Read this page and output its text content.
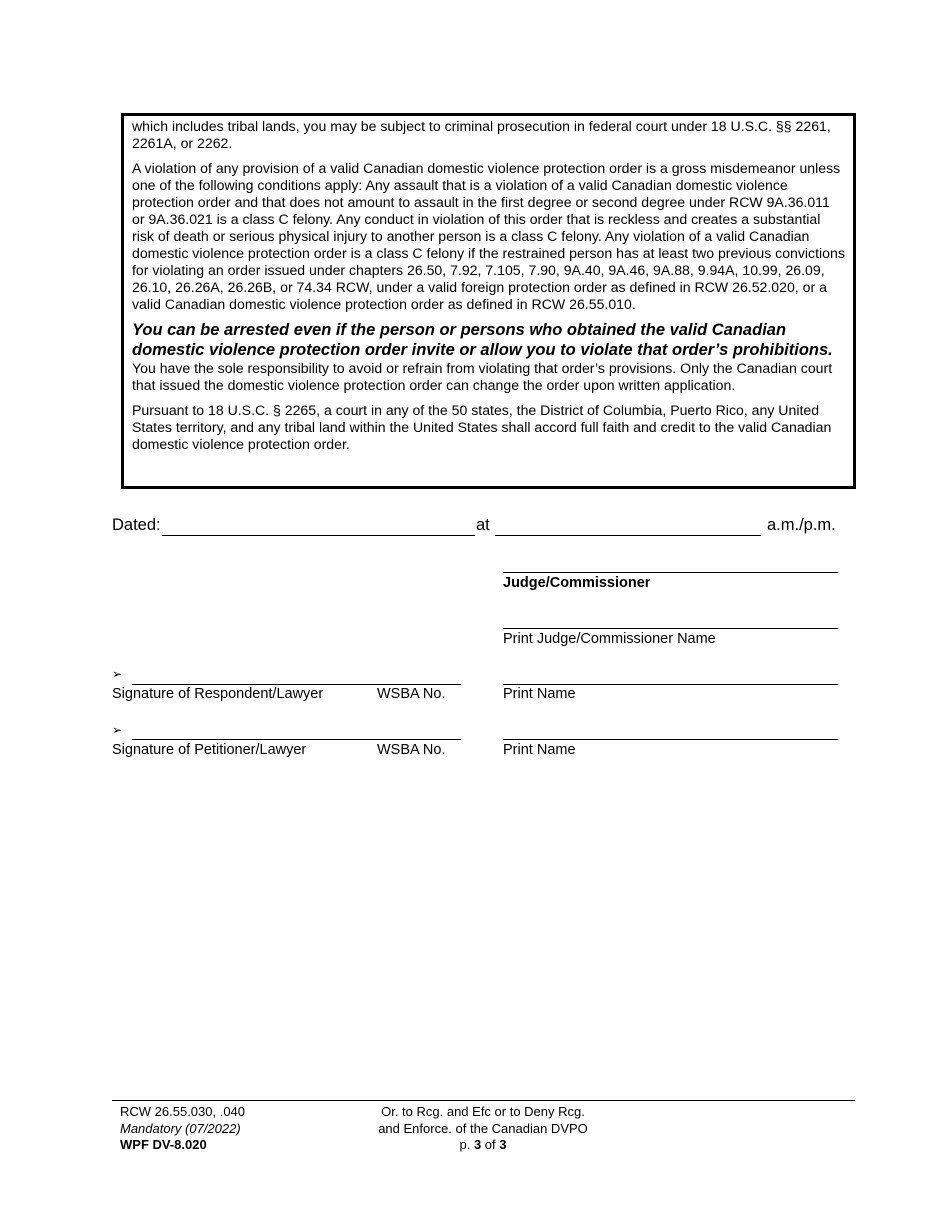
which includes tribal lands, you may be subject to criminal prosecution in federal court under 18 U.S.C. §§ 2261, 2261A, or 2262.

A violation of any provision of a valid Canadian domestic violence protection order is a gross misdemeanor unless one of the following conditions apply: Any assault that is a violation of a valid Canadian domestic violence protection order and that does not amount to assault in the first degree or second degree under RCW 9A.36.011 or 9A.36.021 is a class C felony. Any conduct in violation of this order that is reckless and creates a substantial risk of death or serious physical injury to another person is a class C felony. Any violation of a valid Canadian domestic violence protection order is a class C felony if the restrained person has at least two previous convictions for violating an order issued under chapters 26.50, 7.92, 7.105, 7.90, 9A.40, 9A.46, 9A.88, 9.94A, 10.99, 26.09, 26.10, 26.26A, 26.26B, or 74.34 RCW, under a valid foreign protection order as defined in RCW 26.52.020, or a valid Canadian domestic violence protection order as defined in RCW 26.55.010.

You can be arrested even if the person or persons who obtained the valid Canadian domestic violence protection order invite or allow you to violate that order’s prohibitions. You have the sole responsibility to avoid or refrain from violating that order’s provisions. Only the Canadian court that issued the domestic violence protection order can change the order upon written application.

Pursuant to 18 U.S.C. § 2265, a court in any of the 50 states, the District of Columbia, Puerto Rico, any United States territory, and any tribal land within the United States shall accord full faith and credit to the valid Canadian domestic violence protection order.

Dated:	at	a.m./p.m.
Judge/Commissioner
Print Judge/Commissioner Name
➢
Signature of Respondent/Lawyer	WSBA No.	Print Name
➢
Signature of Petitioner/Lawyer	WSBA No.	Print Name
RCW 26.55.030, .040
Mandatory (07/2022)
WPF DV-8.020
Or. to Rcg. and Efc or to Deny Rcg.
and Enforce. of the Canadian DVPO
p. 3 of 3
